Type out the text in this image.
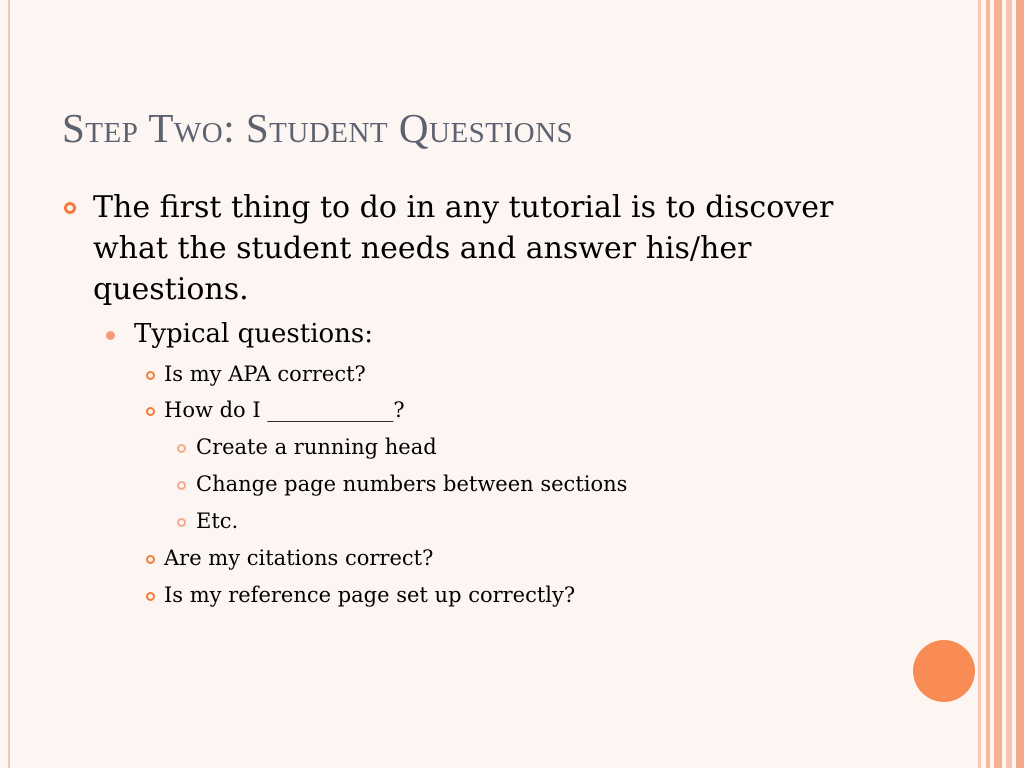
Step Two: Student Questions

The first thing to do in any tutorial is to discover what the student needs and answer his/her questions.

Typical questions:

Is my APA correct?

How do I ____________?

Create a running head

Change page numbers between sections

Etc.

Are my citations correct?

Is my reference page set up correctly?
